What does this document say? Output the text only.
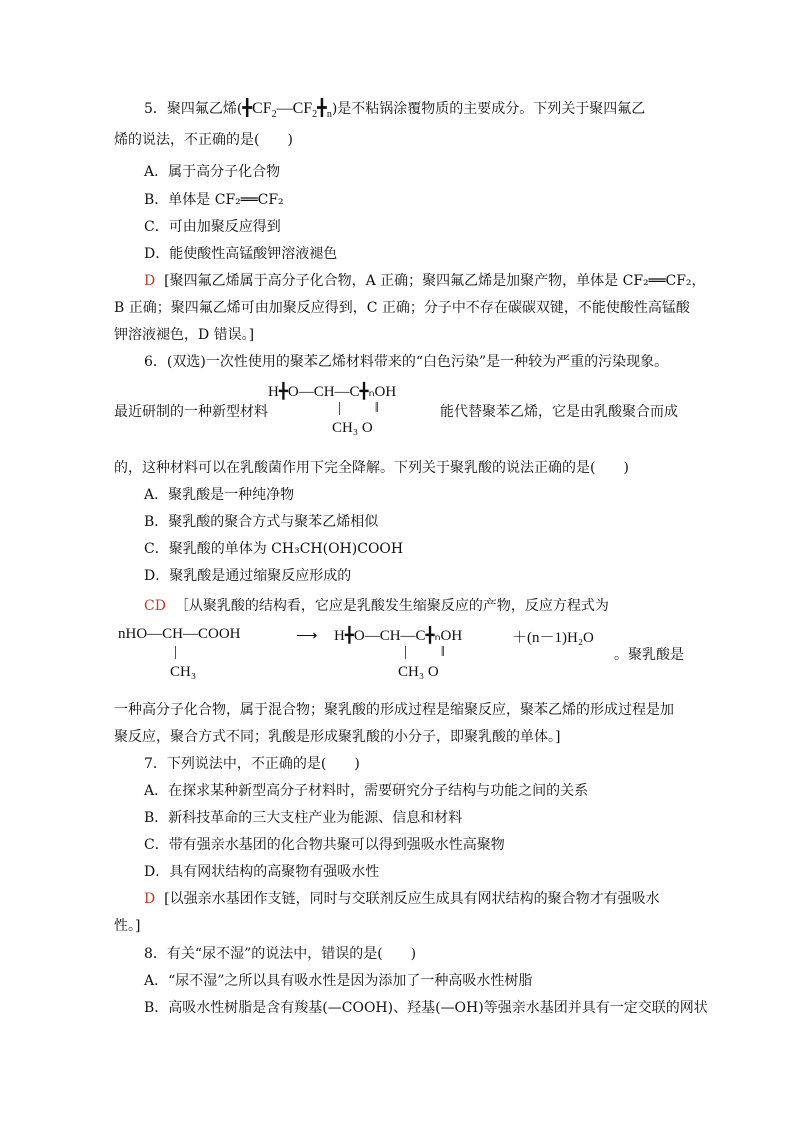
5．聚四氟乙烯$(╋CF_2—CF_2╋_n)$是不粘锅涂覆物质的主要成分。下列关于聚四氟乙
烯的说法，不正确的是(　　)
A．属于高分子化合物
B．单体是 CF₂══CF₂
C．可由加聚反应得到
D．能使酸性高锰酸钾溶液褪色
D [聚四氟乙烯属于高分子化合物，A 正确；聚四氟乙烯是加聚产物，单体是 CF₂══CF₂，
B 正确；聚四氟乙烯可由加聚反应得到，C 正确；分子中不存在碳碳双键，不能使酸性高锰酸
钾溶液褪色，D 错误。]
6．(双选)一次性使用的聚苯乙烯材料带来的“白色污染”是一种较为严重的污染现象。
最近研制的一种新型材料
H╋O—CH—C╋ₙOH
|         ‖
CH₃ O
能代替聚苯乙烯，它是由乳酸聚合而成
的，这种材料可以在乳酸菌作用下完全降解。下列关于聚乳酸的说法正确的是(　　)
A．聚乳酸是一种纯净物
B．聚乳酸的聚合方式与聚苯乙烯相似
C．聚乳酸的单体为 CH₃CH(OH)COOH
D．聚乳酸是通过缩聚反应形成的
CD ［从聚乳酸的结构看，它应是乳酸发生缩聚反应的产物，反应方程式为
nHO—CH—COOH
|
CH₃
⟶ H╋O—CH—C╋ₙOH
|         ‖
CH₃ O
＋(n－1)H₂O
。聚乳酸是
一种高分子化合物，属于混合物；聚乳酸的形成过程是缩聚反应，聚苯乙烯的形成过程是加
聚反应，聚合方式不同；乳酸是形成聚乳酸的小分子，即聚乳酸的单体。]
7．下列说法中，不正确的是(　　)
A．在探求某种新型高分子材料时，需要研究分子结构与功能之间的关系
B．新科技革命的三大支柱产业为能源、信息和材料
C．带有强亲水基团的化合物共聚可以得到强吸水性高聚物
D．具有网状结构的高聚物有强吸水性
D [以强亲水基团作支链，同时与交联剂反应生成具有网状结构的聚合物才有强吸水
性。]
8．有关“尿不湿”的说法中，错误的是(　　)
A．“尿不湿”之所以具有吸水性是因为添加了一种高吸水性树脂
B．高吸水性树脂是含有羧基(—COOH)、羟基(—OH)等强亲水基团并具有一定交联的网状
